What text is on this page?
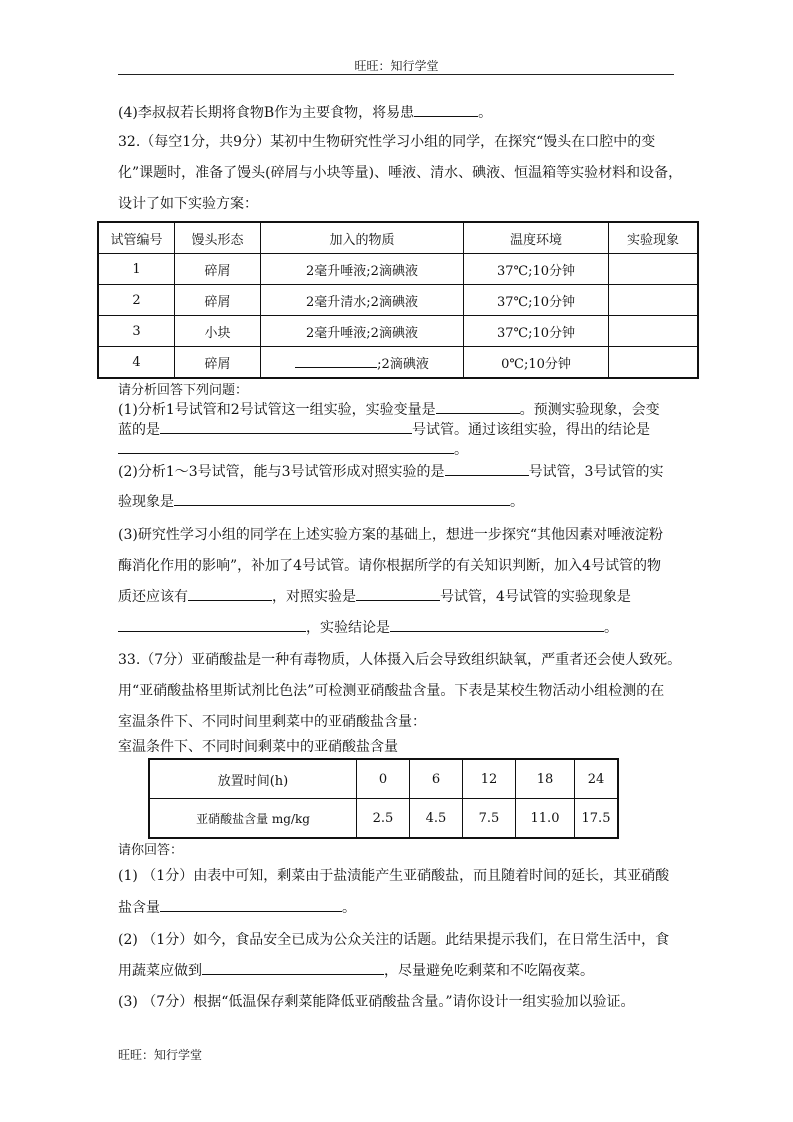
旺旺：知行学堂
(4)李叔叔若长期将食物B作为主要食物，将易患	。
32.（每空1分，共9分）某初中生物研究性学习小组的同学，在探究“馒头在口腔中的变
化”课题时，准备了馒头(碎屑与小块等量)、唾液、清水、碘液、恒温箱等实验材料和设备，
设计了如下实验方案：
试管编号	馒头形态	加入的物质	温度环境	实验现象
1	碎屑	2毫升唾液;2滴碘液	37℃;10分钟	
2	碎屑	2毫升清水;2滴碘液	37℃;10分钟	
3	小块	2毫升唾液;2滴碘液	37℃;10分钟	
4	碎屑	;2滴碘液	0℃;10分钟	
请分析回答下列问题：
(1)分析1号试管和2号试管这一组实验，实验变量是	。预测实验现象，会变
蓝的是	号试管。通过该组实验，得出的结论是
。
(2)分析1～3号试管，能与3号试管形成对照实验的是	号试管，3号试管的实
验现象是	。
(3)研究性学习小组的同学在上述实验方案的基础上，想进一步探究“其他因素对唾液淀粉
酶消化作用的影响”，补加了4号试管。请你根据所学的有关知识判断，加入4号试管的物
质还应该有	，对照实验是	号试管，4号试管的实验现象是
，实验结论是	。
33.（7分）亚硝酸盐是一种有毒物质，人体摄入后会导致组织缺氧，严重者还会使人致死。
用“亚硝酸盐格里斯试剂比色法”可检测亚硝酸盐含量。下表是某校生物活动小组检测的在
室温条件下、不同时间里剩菜中的亚硝酸盐含量：
室温条件下、不同时间剩菜中的亚硝酸盐含量
放置时间(h)	0	6	12	18	24
亚硝酸盐含量 mg/kg	2.5	4.5	7.5	11.0	17.5
请你回答：
(1) （1分）由表中可知，剩菜由于盐渍能产生亚硝酸盐，而且随着时间的延长，其亚硝酸
盐含量	。
(2) （1分）如今，食品安全已成为公众关注的话题。此结果提示我们，在日常生活中，食
用蔬菜应做到	，尽量避免吃剩菜和不吃隔夜菜。
(3) （7分）根据“低温保存剩菜能降低亚硝酸盐含量。”请你设计一组实验加以验证。
旺旺：知行学堂
